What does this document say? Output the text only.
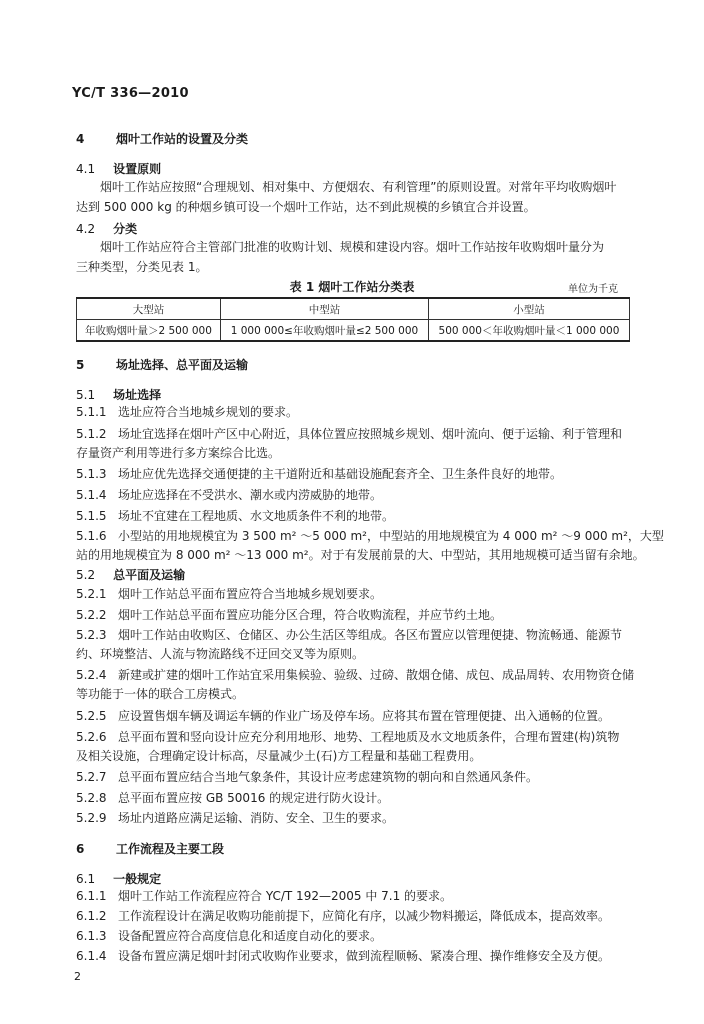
YC/T 336—2010
4	烟叶工作站的设置及分类
4.1 设置原则
烟叶工作站应按照“合理规划、相对集中、方便烟农、有利管理”的原则设置。对常年平均收购烟叶
达到 500 000 kg 的种烟乡镇可设一个烟叶工作站，达不到此规模的乡镇宜合并设置。
4.2 分类
烟叶工作站应符合主管部门批准的收购计划、规模和建设内容。烟叶工作站按年收购烟叶量分为
三种类型，分类见表 1。
表 1 烟叶工作站分类表	单位为千克
大型站	中型站	小型站
年收购烟叶量＞2 500 000	1 000 000≤年收购烟叶量≤2 500 000	500 000＜年收购烟叶量＜1 000 000
5	场址选择、总平面及运输
5.1 场址选择
5.1.1 选址应符合当地城乡规划的要求。
5.1.2 场址宜选择在烟叶产区中心附近，具体位置应按照城乡规划、烟叶流向、便于运输、利于管理和
存量资产利用等进行多方案综合比选。
5.1.3 场址应优先选择交通便捷的主干道附近和基础设施配套齐全、卫生条件良好的地带。
5.1.4 场址应选择在不受洪水、潮水或内涝威胁的地带。
5.1.5 场址不宜建在工程地质、水文地质条件不利的地带。
5.1.6 小型站的用地规模宜为 3 500 m² ～5 000 m²，中型站的用地规模宜为 4 000 m² ～9 000 m²，大型
站的用地规模宜为 8 000 m² ～13 000 m²。对于有发展前景的大、中型站，其用地规模可适当留有余地。
5.2 总平面及运输
5.2.1 烟叶工作站总平面布置应符合当地城乡规划要求。
5.2.2 烟叶工作站总平面布置应功能分区合理，符合收购流程，并应节约土地。
5.2.3 烟叶工作站由收购区、仓储区、办公生活区等组成。各区布置应以管理便捷、物流畅通、能源节
约、环境整洁、人流与物流路线不迂回交叉等为原则。
5.2.4 新建或扩建的烟叶工作站宜采用集候验、验级、过磅、散烟仓储、成包、成品周转、农用物资仓储
等功能于一体的联合工房模式。
5.2.5 应设置售烟车辆及调运车辆的作业广场及停车场。应将其布置在管理便捷、出入通畅的位置。
5.2.6 总平面布置和竖向设计应充分利用地形、地势、工程地质及水文地质条件，合理布置建(构)筑物
及相关设施，合理确定设计标高，尽量减少土(石)方工程量和基础工程费用。
5.2.7 总平面布置应结合当地气象条件，其设计应考虑建筑物的朝向和自然通风条件。
5.2.8 总平面布置应按 GB 50016 的规定进行防火设计。
5.2.9 场址内道路应满足运输、消防、安全、卫生的要求。
6	工作流程及主要工段
6.1 一般规定
6.1.1 烟叶工作站工作流程应符合 YC/T 192—2005 中 7.1 的要求。
6.1.2 工作流程设计在满足收购功能前提下，应简化有序，以减少物料搬运，降低成本，提高效率。
6.1.3 设备配置应符合高度信息化和适度自动化的要求。
6.1.4 设备布置应满足烟叶封闭式收购作业要求，做到流程顺畅、紧凑合理、操作维修安全及方便。
2
